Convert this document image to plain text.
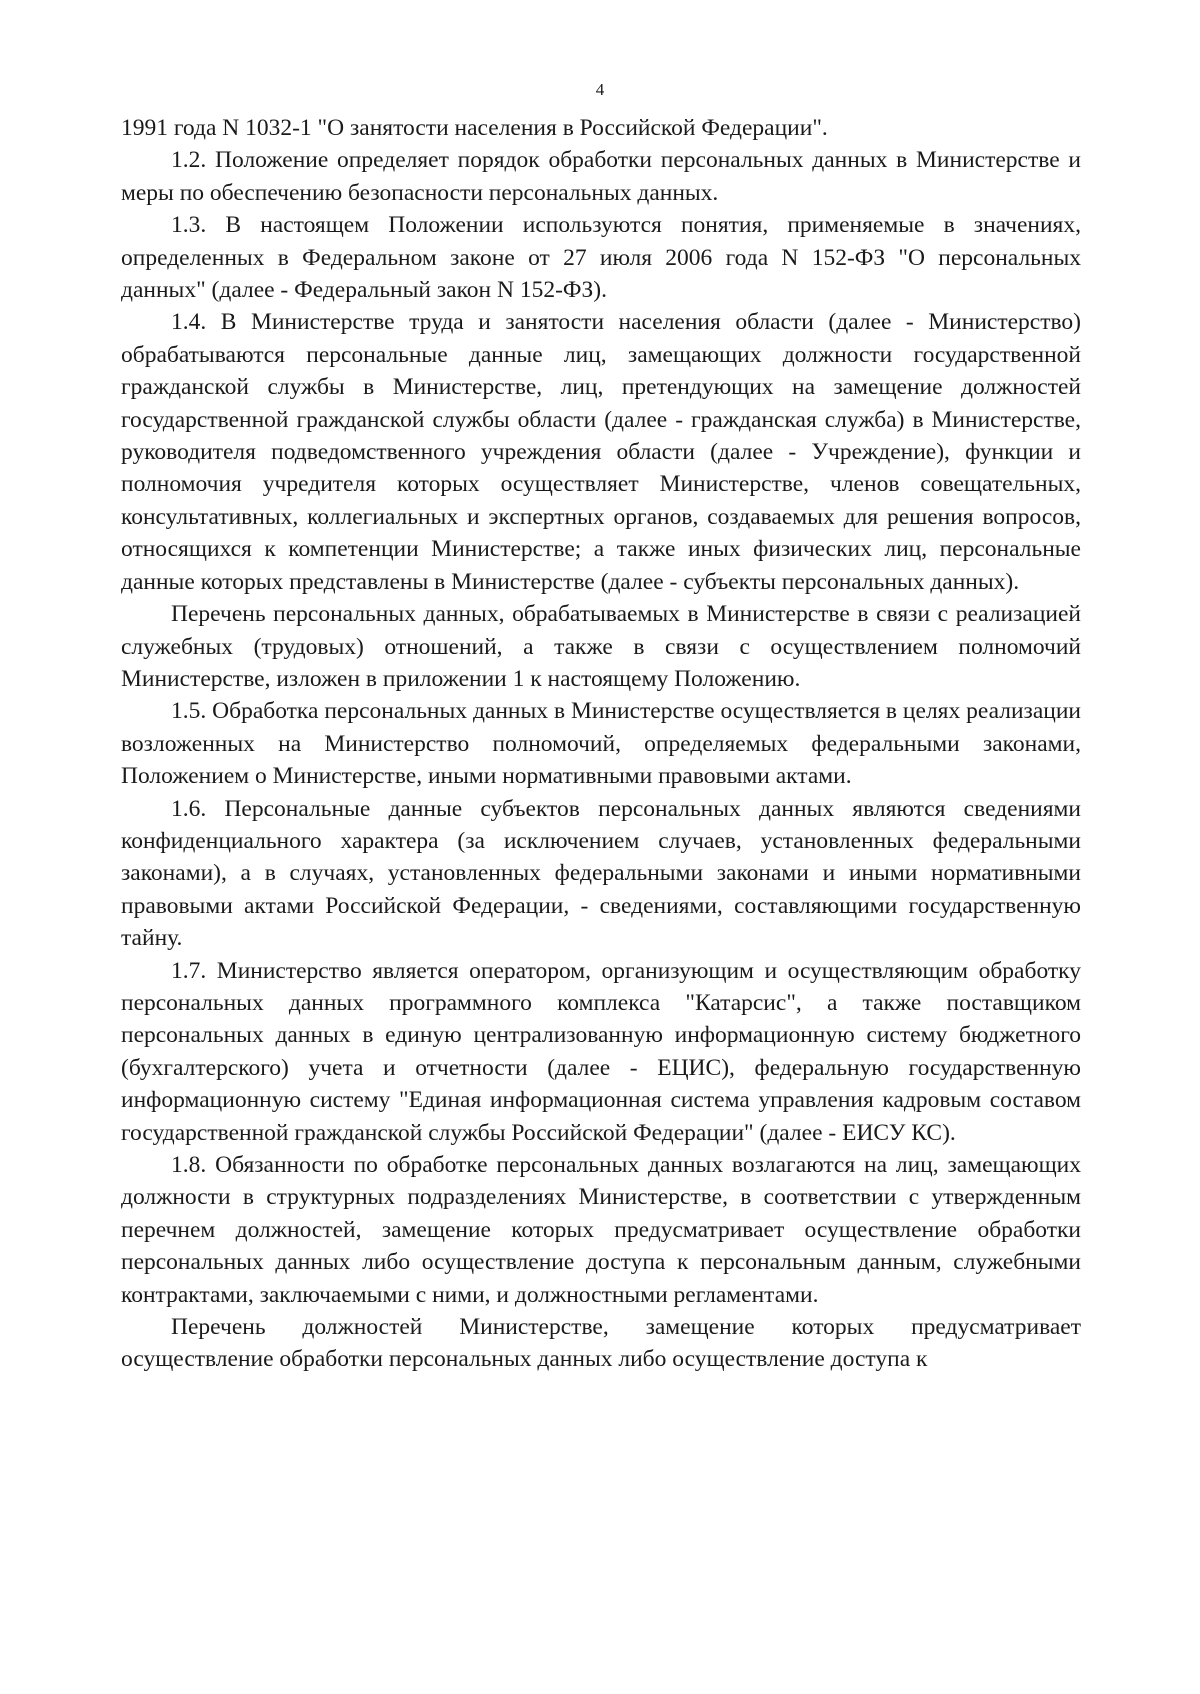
4

1991 года N 1032-1 "О занятости населения в Российской Федерации".

1.2. Положение определяет порядок обработки персональных данных в Министерстве и меры по обеспечению безопасности персональных данных.

1.3. В настоящем Положении используются понятия, применяемые в значениях, определенных в Федеральном законе от 27 июля 2006 года N 152-ФЗ "О персональных данных" (далее - Федеральный закон N 152-ФЗ).

1.4. В Министерстве труда и занятости населения области (далее - Министерство) обрабатываются персональные данные лиц, замещающих должности государственной гражданской службы в Министерстве, лиц, претендующих на замещение должностей государственной гражданской службы области (далее - гражданская служба) в Министерстве, руководителя подведомственного учреждения области (далее - Учреждение), функции и полномочия учредителя которых осуществляет Министерстве, членов совещательных, консультативных, коллегиальных и экспертных органов, создаваемых для решения вопросов, относящихся к компетенции Министерстве; а также иных физических лиц, персональные данные которых представлены в Министерстве (далее - субъекты персональных данных).

Перечень персональных данных, обрабатываемых в Министерстве в связи с реализацией служебных (трудовых) отношений, а также в связи с осуществлением полномочий Министерстве, изложен в приложении 1 к настоящему Положению.

1.5. Обработка персональных данных в Министерстве осуществляется в целях реализации возложенных на Министерство полномочий, определяемых федеральными законами, Положением о Министерстве, иными нормативными правовыми актами.

1.6. Персональные данные субъектов персональных данных являются сведениями конфиденциального характера (за исключением случаев, установленных федеральными законами), а в случаях, установленных федеральными законами и иными нормативными правовыми актами Российской Федерации, - сведениями, составляющими государственную тайну.

1.7. Министерство является оператором, организующим и осуществляющим обработку персональных данных программного комплекса "Катарсис", а также поставщиком персональных данных в единую централизованную информационную систему бюджетного (бухгалтерского) учета и отчетности (далее - ЕЦИС), федеральную государственную информационную систему "Единая информационная система управления кадровым составом государственной гражданской службы Российской Федерации" (далее - ЕИСУ КС).

1.8. Обязанности по обработке персональных данных возлагаются на лиц, замещающих должности в структурных подразделениях Министерстве, в соответствии с утвержденным перечнем должностей, замещение которых предусматривает осуществление обработки персональных данных либо осуществление доступа к персональным данным, служебными контрактами, заключаемыми с ними, и должностными регламентами.

Перечень должностей Министерстве, замещение которых предусматривает осуществление обработки персональных данных либо осуществление доступа к
